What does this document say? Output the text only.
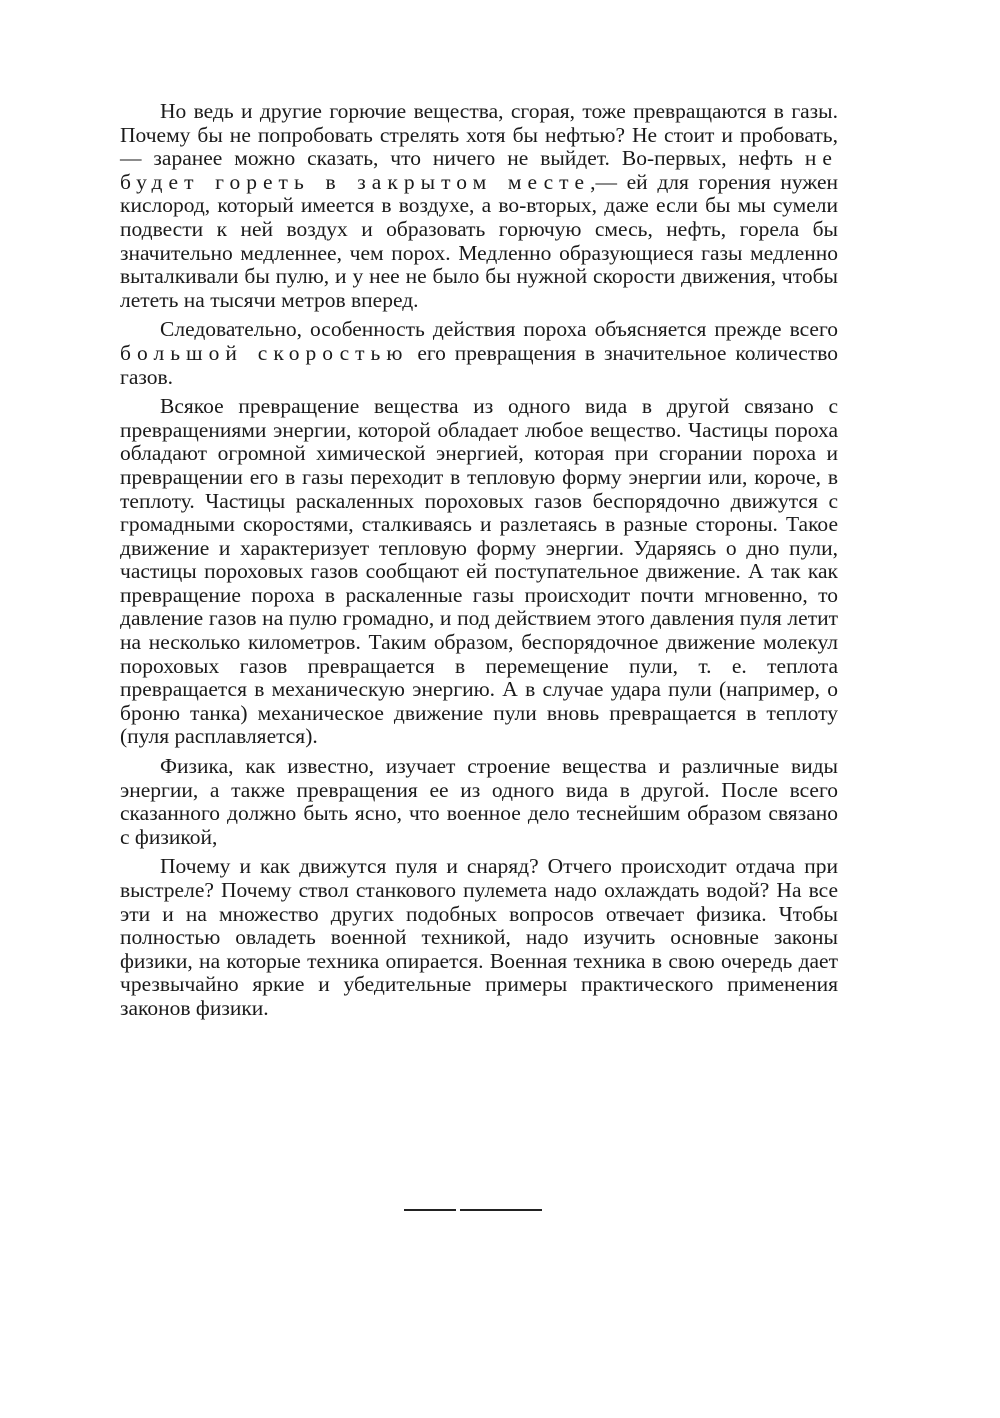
Но ведь и другие горючие вещества, сгорая, тоже превращаются в газы. Почему бы не попробовать стрелять хотя бы нефтью? Не стоит и пробовать,— заранее можно сказать, что ничего не выйдет. Во-первых, нефть не будет гореть в закрытом месте,— ей для горения нужен кислород, который имеется в воздухе, а во-вторых, даже если бы мы сумели подвести к ней воздух и образовать горючую смесь, нефть, горела бы значительно медленнее, чем порох. Медленно образующиеся газы медленно выталкивали бы пулю, и у нее не было бы нужной скорости движения, чтобы лететь на тысячи метров вперед.

Следовательно, особенность действия пороха объясняется прежде всего большой скоростью его превращения в значительное количество газов.

Всякое превращение вещества из одного вида в другой связано с превращениями энергии, которой обладает любое вещество. Частицы пороха обладают огромной химической энергией, которая при сгорании пороха и превращении его в газы переходит в тепловую форму энергии или, короче, в теплоту. Частицы раскаленных пороховых газов беспорядочно движутся с громадными скоростями, сталкиваясь и разлетаясь в разные стороны. Такое движение и характеризует тепловую форму энергии. Ударяясь о дно пули, частицы пороховых газов сообщают ей поступательное движение. А так как превращение пороха в раскаленные газы происходит почти мгновенно, то давление газов на пулю громадно, и под действием этого давления пуля летит на несколько километров. Таким образом, беспорядочное движение молекул пороховых газов превращается в перемещение пули, т. е. теплота превращается в механическую энергию. А в случае удара пули (например, о броню танка) механическое движение пули вновь превращается в теплоту (пуля расплавляется).

Физика, как известно, изучает строение вещества и различные виды энергии, а также превращения ее из одного вида в другой. После всего сказанного должно быть ясно, что военное дело теснейшим образом связано с физикой,

Почему и как движутся пуля и снаряд? Отчего происходит отдача при выстреле? Почему ствол станкового пулемета надо охлаждать водой? На все эти и на множество других подобных вопросов отвечает физика. Чтобы полностью овладеть военной техникой, надо изучить основные законы физики, на которые техника опирается. Военная техника в свою очередь дает чрезвычайно яркие и убедительные примеры практического применения законов физики.
